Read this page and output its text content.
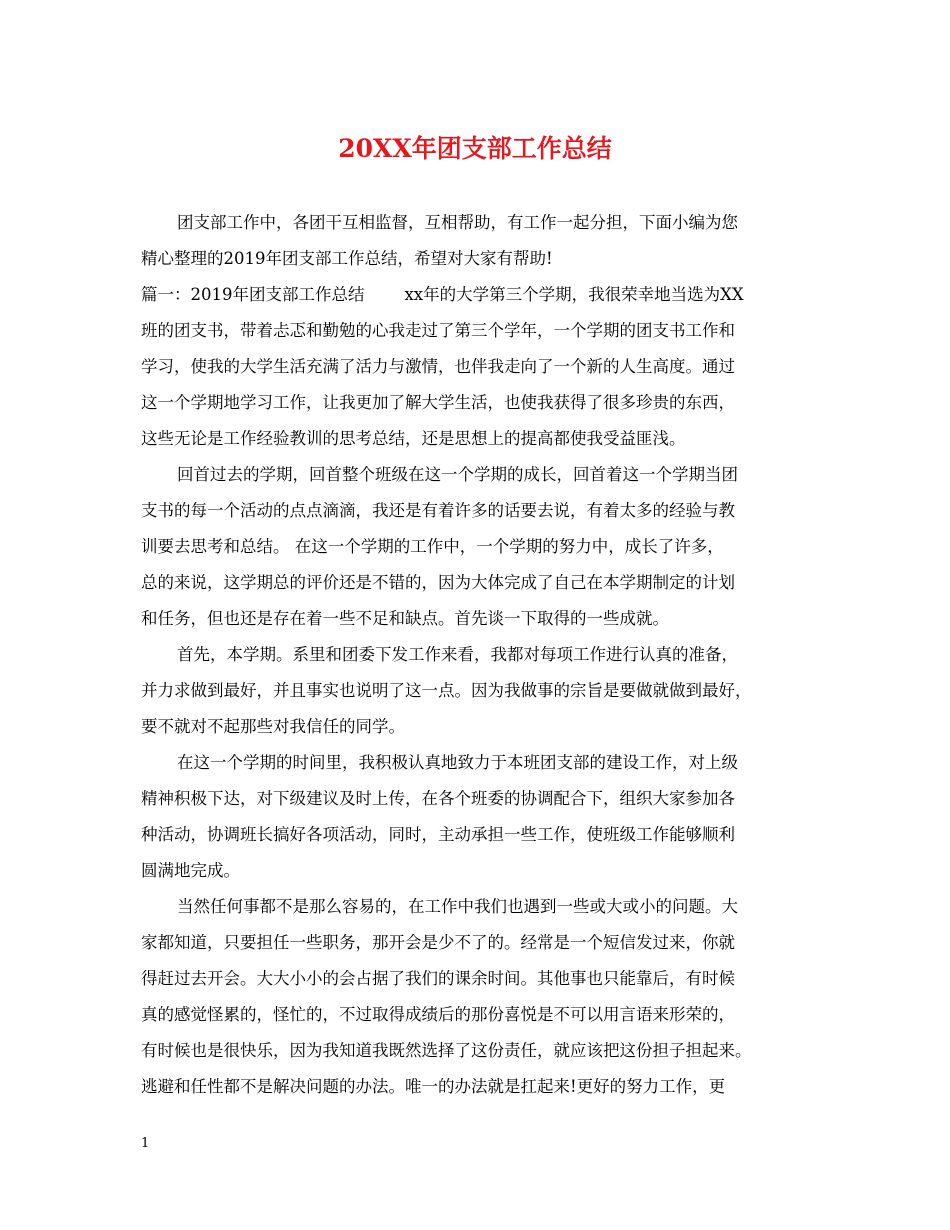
20XX年团支部工作总结
团支部工作中，各团干互相监督，互相帮助，有工作一起分担，下面小编为您
精心整理的2019年团支部工作总结，希望对大家有帮助!
篇一：2019年团支部工作总结 xx年的大学第三个学期，我很荣幸地当选为XX
班的团支书，带着忐忑和勤勉的心我走过了第三个学年，一个学期的团支书工作和
学习，使我的大学生活充满了活力与激情，也伴我走向了一个新的人生高度。通过
这一个学期地学习工作，让我更加了解大学生活，也使我获得了很多珍贵的东西，
这些无论是工作经验教训的思考总结，还是思想上的提高都使我受益匪浅。
回首过去的学期，回首整个班级在这一个学期的成长，回首着这一个学期当团
支书的每一个活动的点点滴滴，我还是有着许多的话要去说，有着太多的经验与教
训要去思考和总结。 在这一个学期的工作中，一个学期的努力中，成长了许多，
总的来说，这学期总的评价还是不错的，因为大体完成了自己在本学期制定的计划
和任务，但也还是存在着一些不足和缺点。首先谈一下取得的一些成就。
首先，本学期。系里和团委下发工作来看，我都对每项工作进行认真的准备，
并力求做到最好，并且事实也说明了这一点。因为我做事的宗旨是要做就做到最好，
要不就对不起那些对我信任的同学。
在这一个学期的时间里，我积极认真地致力于本班团支部的建设工作，对上级
精神积极下达，对下级建议及时上传，在各个班委的协调配合下，组织大家参加各
种活动，协调班长搞好各项活动，同时，主动承担一些工作，使班级工作能够顺利
圆满地完成。
当然任何事都不是那么容易的，在工作中我们也遇到一些或大或小的问题。大
家都知道，只要担任一些职务，那开会是少不了的。经常是一个短信发过来，你就
得赶过去开会。大大小小的会占据了我们的课余时间。其他事也只能靠后，有时候
真的感觉怪累的，怪忙的，不过取得成绩后的那份喜悦是不可以用言语来形荣的，
有时候也是很快乐，因为我知道我既然选择了这份责任，就应该把这份担子担起来。
逃避和任性都不是解决问题的办法。唯一的办法就是扛起来!更好的努力工作，更
1
